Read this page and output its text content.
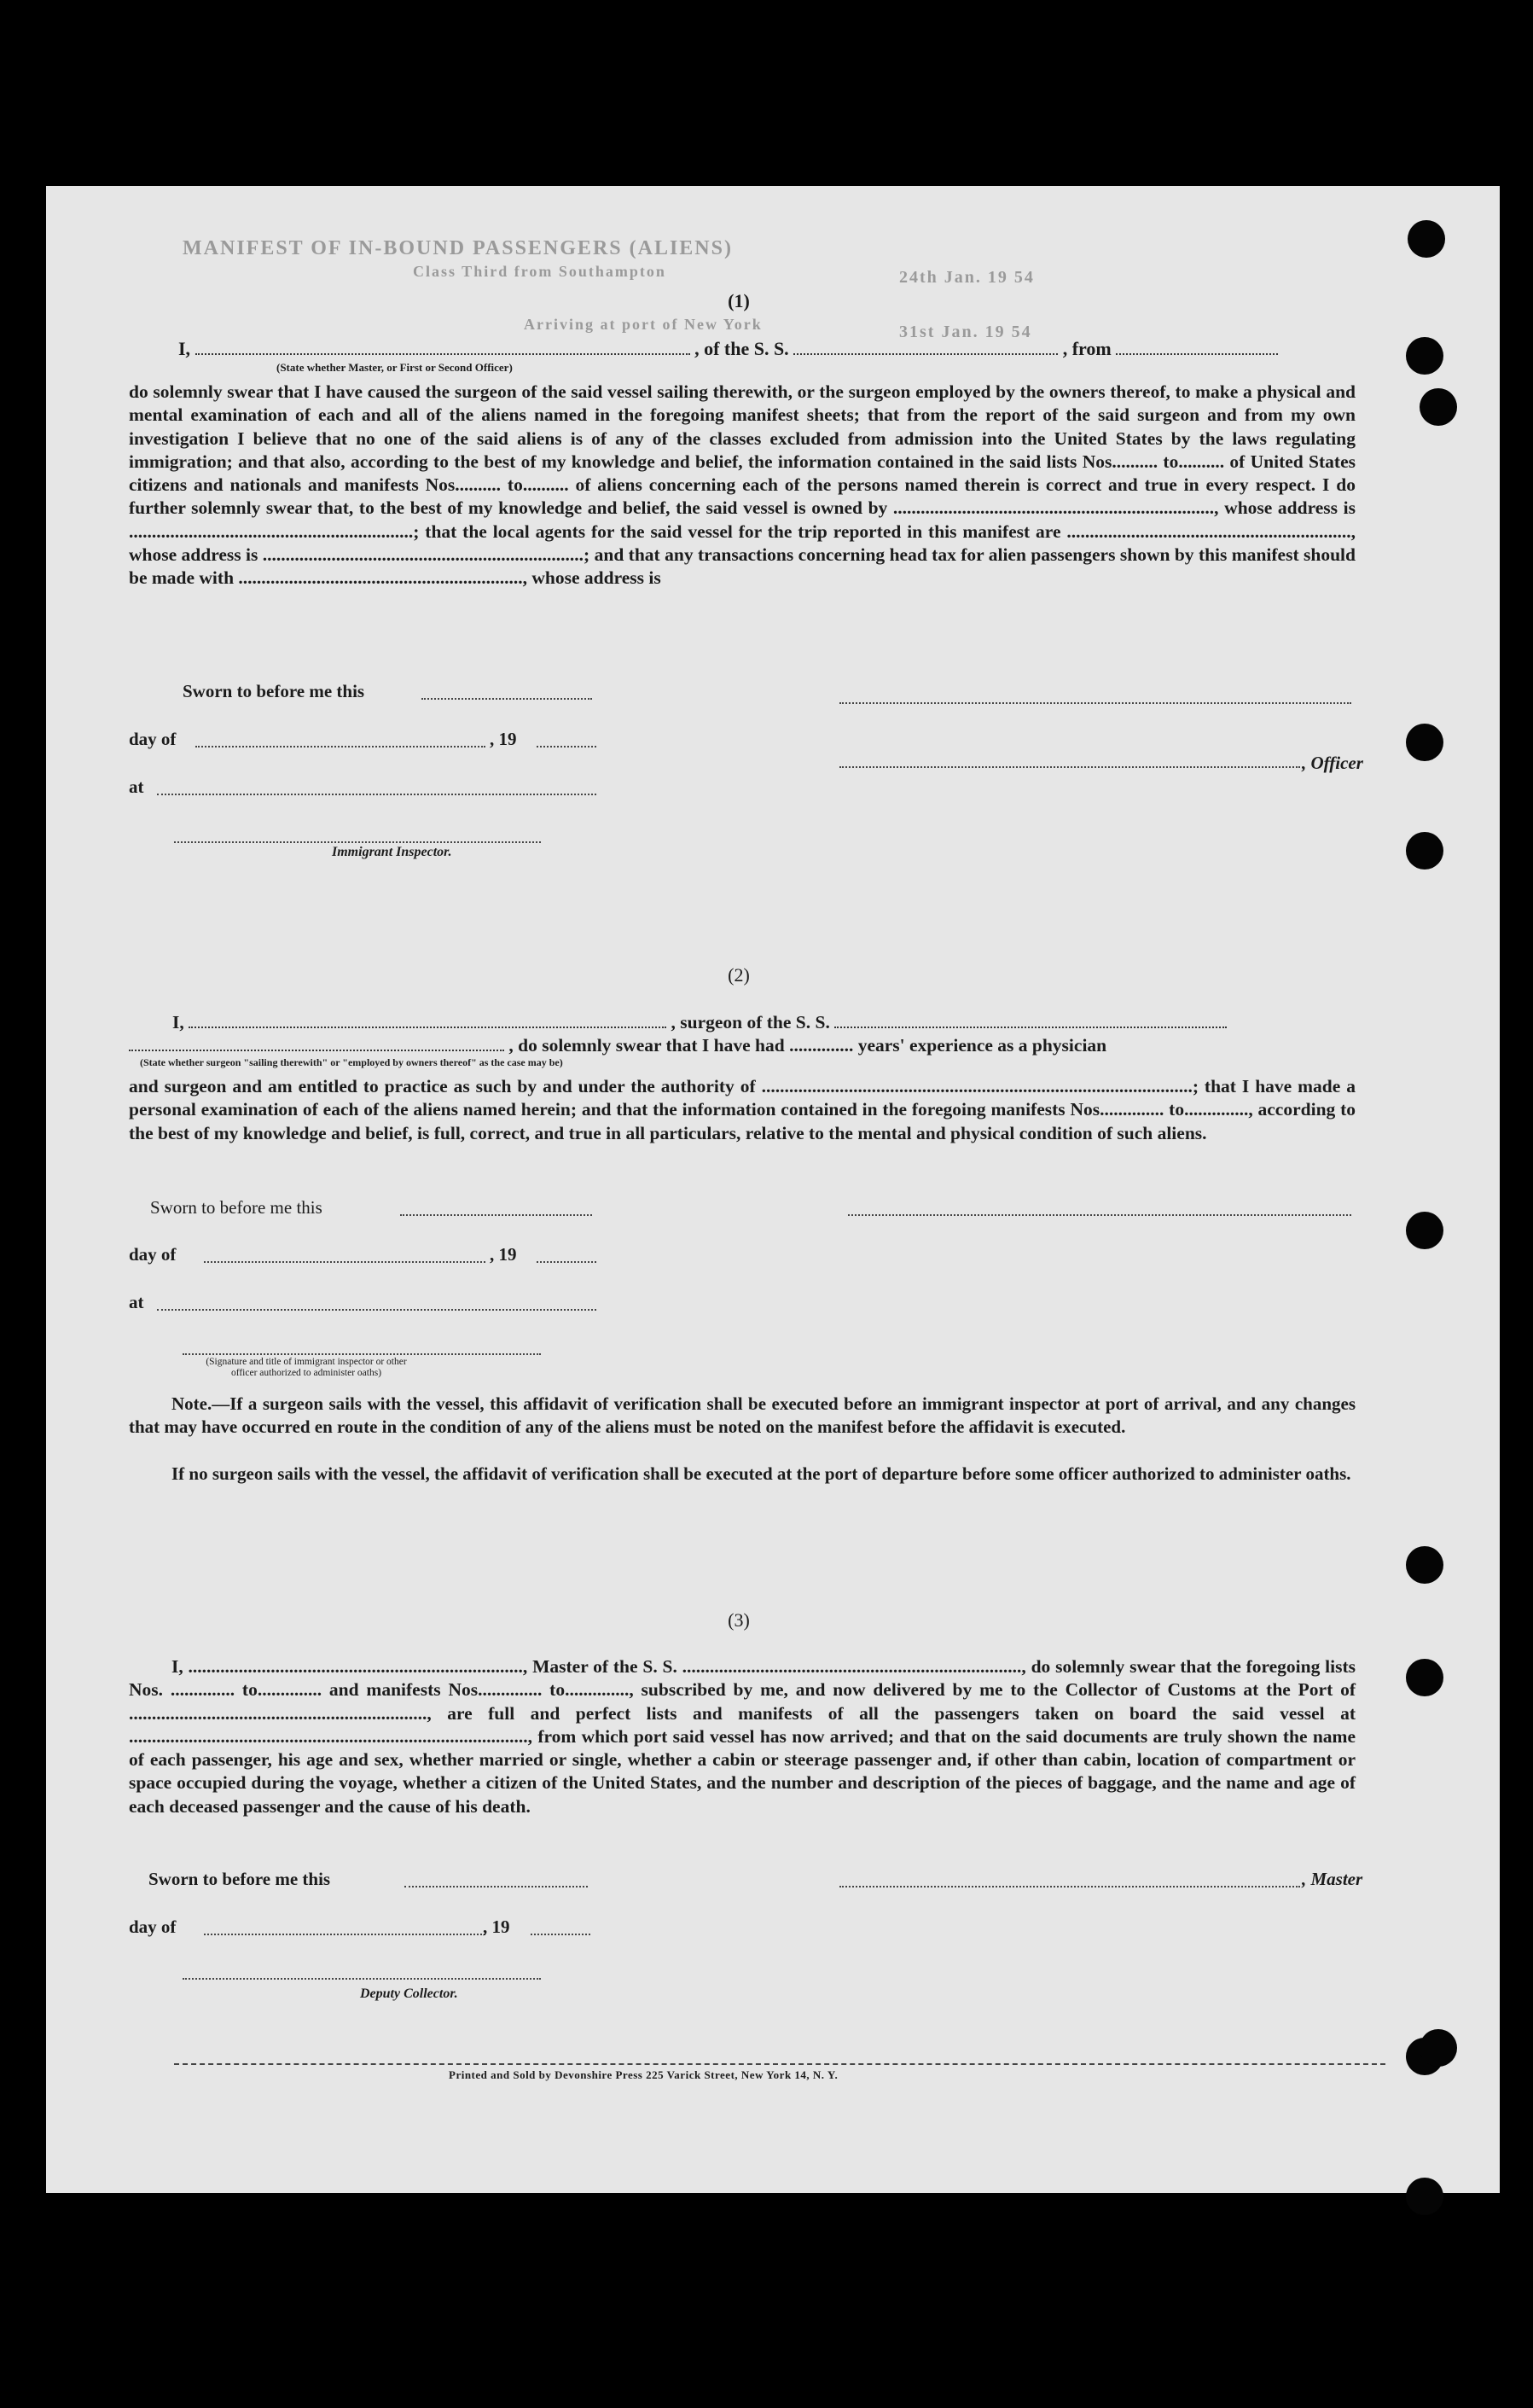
MANIFEST OF IN-BOUND PASSENGERS (ALIENS)
Class Third from Southampton
Arriving at port of New York
24th Jan. 19 54
31st Jan. 19 54
(1)
I,	, of the S. S.	, from
(State whether Master, or First or Second Officer)
do solemnly swear that I have caused the surgeon of the said vessel sailing therewith, or the surgeon employed by the owners thereof, to make a physical and mental examination of each and all of the aliens named in the foregoing manifest sheets; that from the report of the said surgeon and from my own investigation I believe that no one of the said aliens is of any of the classes excluded from admission into the United States by the laws regulating immigration; and that also, according to the best of my knowledge and belief, the information contained in the said lists Nos.......... to.......... of United States citizens and nationals and manifests Nos.......... to.......... of aliens concerning each of the persons named therein is correct and true in every respect. I do further solemnly swear that, to the best of my knowledge and belief, the said vessel is owned by ......................................................................, whose address is ..............................................................; that the local agents for the said vessel for the trip reported in this manifest are .............................................................., whose address is ......................................................................; and that any transactions concerning head tax for alien passengers shown by this manifest should be made with .............................................................., whose address is
Sworn to before me this
day of	, 19
, Officer
at
Immigrant Inspector.
(2)
I,	, surgeon of the S. S.
, do solemnly swear that I have had .............. years' experience as a physician
(State whether surgeon "sailing therewith" or "employed by owners thereof" as the case may be)
and surgeon and am entitled to practice as such by and under the authority of ..............................................................................................; that I have made a personal examination of each of the aliens named herein; and that the information contained in the foregoing manifests Nos.............. to.............., according to the best of my knowledge and belief, is full, correct, and true in all particulars, relative to the mental and physical condition of such aliens.
Sworn to before me this
day of	, 19
at
(Signature and title of immigrant inspector or other officer authorized to administer oaths)
Note.—If a surgeon sails with the vessel, this affidavit of verification shall be executed before an immigrant inspector at port of arrival, and any changes that may have occurred en route in the condition of any of the aliens must be noted on the manifest before the affidavit is executed.
If no surgeon sails with the vessel, the affidavit of verification shall be executed at the port of departure before some officer authorized to administer oaths.
(3)
I, ........................................................................., Master of the S. S. .........................................................................., do solemnly swear that the foregoing lists Nos. .............. to.............. and manifests Nos.............. to.............., subscribed by me, and now delivered by me to the Collector of Customs at the Port of ................................................................., are full and perfect lists and manifests of all the passengers taken on board the said vessel at ......................................................................................., from which port said vessel has now arrived; and that on the said documents are truly shown the name of each passenger, his age and sex, whether married or single, whether a cabin or steerage passenger and, if other than cabin, location of compartment or space occupied during the voyage, whether a citizen of the United States, and the number and description of the pieces of baggage, and the name and age of each deceased passenger and the cause of his death.
Sworn to before me this	, Master
day of	, 19
Deputy Collector.
Printed and Sold by Devonshire Press 225 Varick Street, New York 14, N. Y.
